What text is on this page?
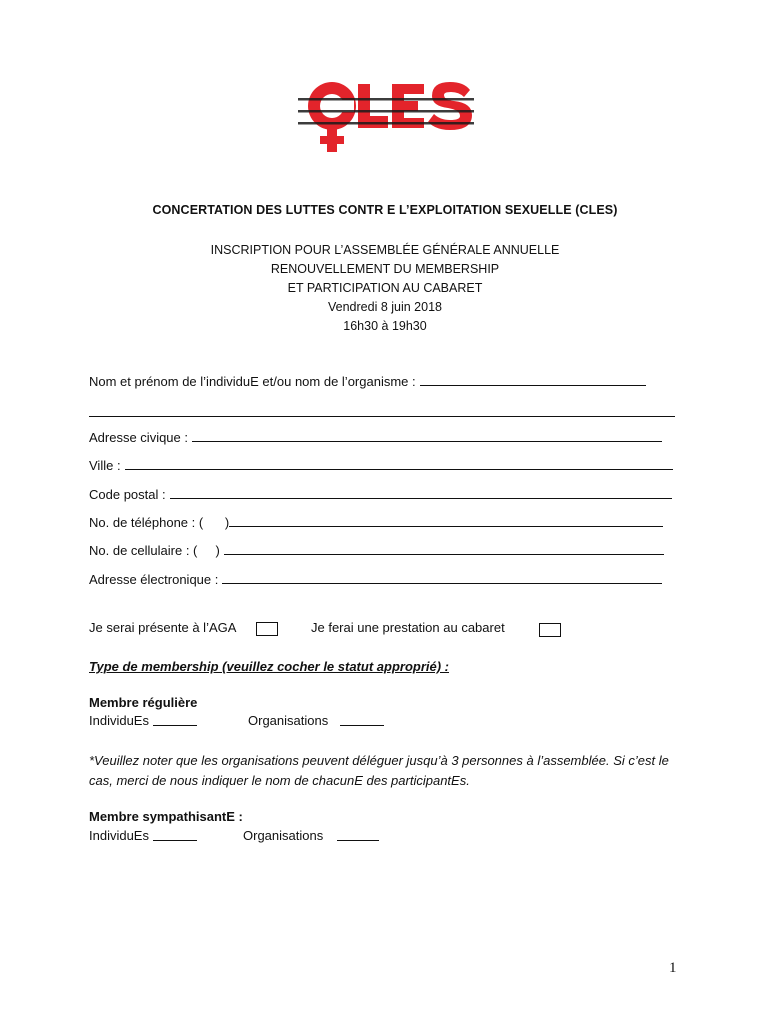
CONCERTATION DES LUTTES CONTR E L’EXPLOITATION SEXUELLE (CLES)
INSCRIPTION POUR L’ASSEMBLÉE GÉNÉRALE ANNUELLE
RENOUVELLEMENT DU MEMBERSHIP
ET PARTICIPATION AU CABARET
Vendredi 8 juin 2018
16h30 à 19h30
Nom et prénom de l’individuE et/ou nom de l’organisme :
Adresse civique :
Ville :
Code postal :
No. de téléphone : (      )
No. de cellulaire : (     )
Adresse électronique :
Je serai présente à l’AGA	Je ferai une prestation au cabaret
Type de membership (veuillez cocher le statut approprié) :
Membre régulière
IndividuEs	Organisations
*Veuillez noter que les organisations peuvent déléguer jusqu’à 3 personnes à l’assemblée. Si c’est le cas, merci de nous indiquer le nom de chacunE des participantEs.
Membre sympathisantE :
IndividuEs	Organisations
1
